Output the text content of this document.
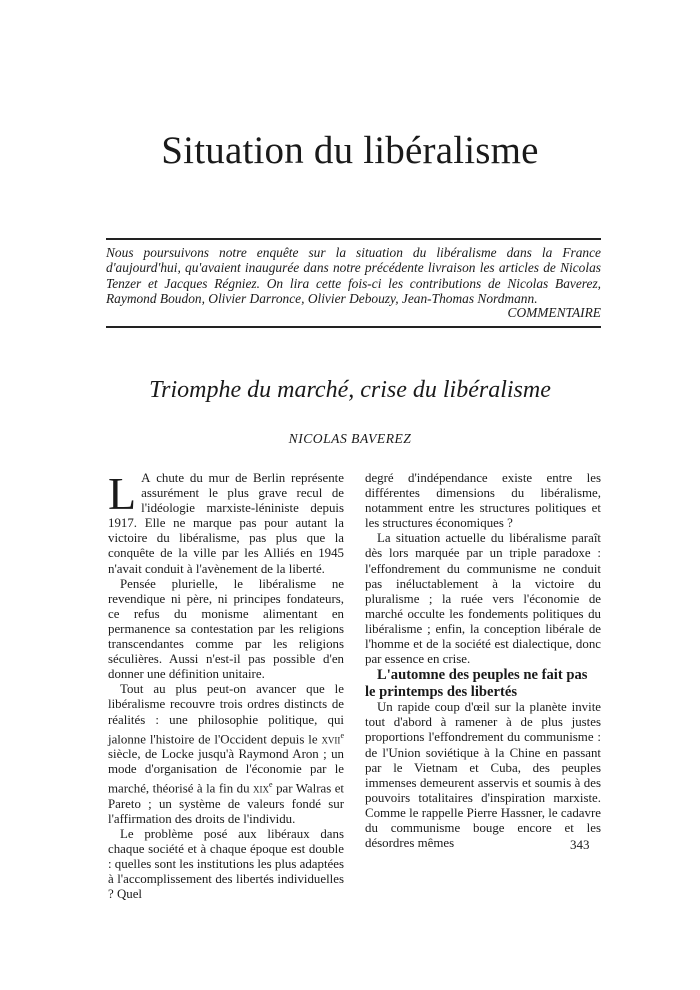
Situation du libéralisme

Nous poursuivons notre enquête sur la situation du libéralisme dans la France d'aujourd'hui, qu'avaient inaugurée dans notre précédente livraison les articles de Nicolas Tenzer et Jacques Régniez. On lira cette fois-ci les contributions de Nicolas Baverez, Raymond Boudon, Olivier Darronce, Olivier Debouzy, Jean-Thomas Nordmann.

COMMENTAIRE

Triomphe du marché, crise du libéralisme

NICOLAS BAVEREZ

L A chute du mur de Berlin représente assurément le plus grave recul de l'idéologie marxiste-léniniste depuis 1917. Elle ne marque pas pour autant la victoire du libéralisme, pas plus que la conquête de la ville par les Alliés en 1945 n'avait conduit à l'avènement de la liberté.

Pensée plurielle, le libéralisme ne revendique ni père, ni principes fondateurs, ce refus du monisme alimentant en permanence sa contestation par les religions transcendantes comme par les religions séculières. Aussi n'est-il pas possible d'en donner une définition unitaire.

Tout au plus peut-on avancer que le libéralisme recouvre trois ordres distincts de réalités : une philosophie politique, qui jalonne l'histoire de l'Occident depuis le xvii$^e$ siècle, de Locke jusqu'à Raymond Aron ; un mode d'organisation de l'économie par le marché, théorisé à la fin du xix$^e$ par Walras et Pareto ; un système de valeurs fondé sur l'affirmation des droits de l'individu.

Le problème posé aux libéraux dans chaque société et à chaque époque est double : quelles sont les institutions les plus adaptées à l'accomplissement des libertés individuelles ? Quel

degré d'indépendance existe entre les différentes dimensions du libéralisme, notamment entre les structures politiques et les structures économiques ?

La situation actuelle du libéralisme paraît dès lors marquée par un triple paradoxe : l'effondrement du communisme ne conduit pas inéluctablement à la victoire du pluralisme ; la ruée vers l'économie de marché occulte les fondements politiques du libéralisme ; enfin, la conception libérale de l'homme et de la société est dialectique, donc par essence en crise.

L'automne des peuples ne fait pas le printemps des libertés

Un rapide coup d'œil sur la planète invite tout d'abord à ramener à de plus justes proportions l'effondrement du communisme : de l'Union soviétique à la Chine en passant par le Vietnam et Cuba, des peuples immenses demeurent asservis et soumis à des pouvoirs totalitaires d'inspiration marxiste. Comme le rappelle Pierre Hassner, le cadavre du communisme bouge encore et les désordres mêmes	343
